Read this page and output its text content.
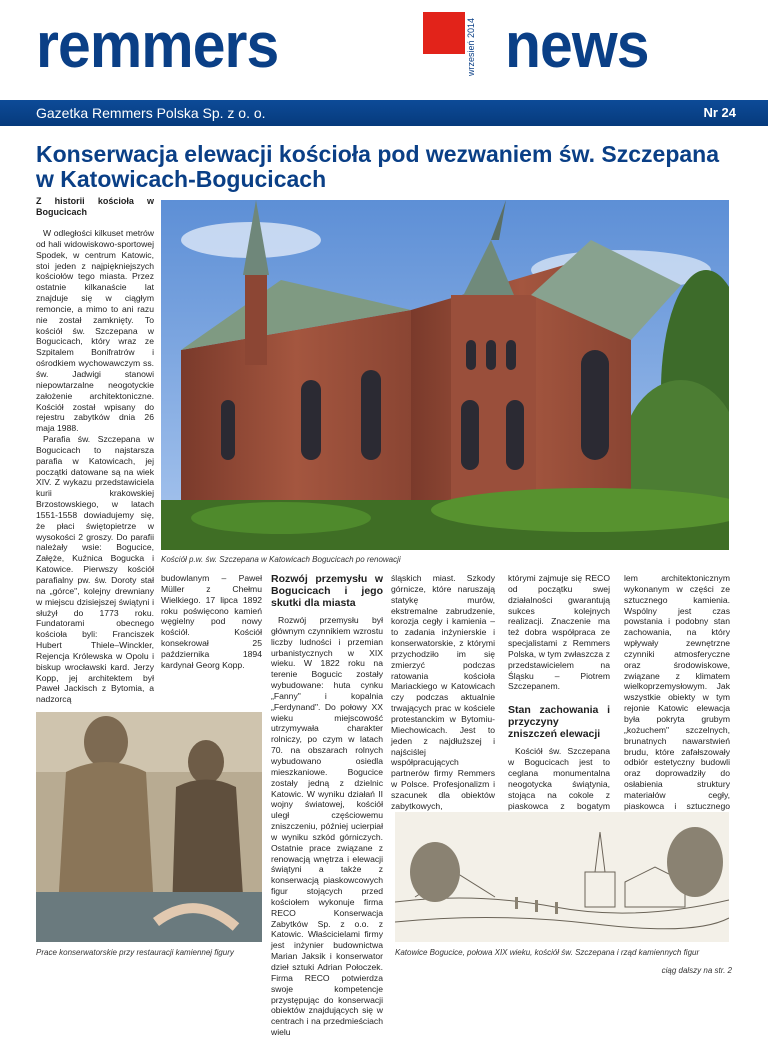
remmers	wrzesień 2014 news
Gazetka Remmers Polska Sp. z o. o.	Nr 24
Konserwacja elewacji kościoła pod wezwaniem św. Szczepana w Katowicach-Bogucicach
Z historii kościoła w Bogucicach

W odległości kilkuset metrów od hali widowiskowo-sportowej Spodek, w centrum Katowic, stoi jeden z najpiękniejszych kościołów tego miasta. Przez ostatnie kilkanaście lat znajduje się w ciągłym remoncie, a mimo to ani razu nie został zamknięty. To kościół św. Szczepana w Bogucicach, który wraz ze Szpitalem Bonifratrów i ośrodkiem wychowawczym ss. św. Jadwigi stanowi niepowtarzalne neogotyckie założenie architektoniczne. Kościół został wpisany do rejestru zabytków dnia 26 maja 1988.

Parafia św. Szczepana w Bogucicach to najstarsza parafia w Katowicach, jej początki datowane są na wiek XIV. Z wykazu przedstawiciela kurii krakowskiej Brzostowskiego, w latach 1551-1558 dowiadujemy się, że płaci świętopietrze w wysokości 2 groszy. Do parafii należały wsie: Bogucice, Załęże, Kuźnica Bogucka i Katowice. Pierwszy kościół parafialny pw. św. Doroty stał na „górce", kolejny drewniany w miejscu dzisiejszej świątyni i służył do 1773 roku. Fundatorami obecnego kościoła byli: Franciszek Hubert Thiele–Winckler, Rejencja Królewska w Opolu i biskup wrocławski kard. Jerzy Kopp, jej architektem był Paweł Jackisch z Bytomia, a nadzorcą

Kościół p.w. św. Szczepana w Katowicach Bogucicach po renowacji

budowlanym – Paweł Müller z Chełmu Wielkiego. 17 lipca 1892 roku poświęcono kamień węgielny pod nowy kościół. Kościół konsekrował 25 października 1894 kardynał Georg Kopp.

Prace konserwatorskie przy restauracji kamiennej figury
Rozwój przemysłu w Bogucicach i jego skutki dla miasta

Rozwój przemysłu był głównym czynnikiem wzrostu liczby ludności i przemian urbanistycznych w XIX wieku. W 1822 roku na terenie Bogucic zostały wybudowane: huta cynku „Fanny" i kopalnia „Ferdynand". Do połowy XX wieku miejscowość utrzymywała charakter rolniczy, po czym w latach 70. na obszarach rolnych wybudowano osiedla mieszkaniowe. Bogucice zostały jedną z dzielnic Katowic. W wyniku działań II wojny światowej, kościół uległ częściowemu zniszczeniu, później ucierpiał w wyniku szkód górniczych. Ostatnie prace związane z renowacją wnętrza i elewacji świątyni a także z konserwacją piaskowcowych figur stojących przed kościołem wykonuje firma RECO Konserwacja Zabytków Sp. z o.o. z Katowic. Właścicielami firmy jest inżynier budownictwa Marian Jaksik i konserwator dzieł sztuki Adrian Połoczek. Firma RECO potwierdza swoje kompetencje przystępując do konserwacji obiektów znajdujących się w centrach i na przedmieściach wielu

śląskich miast. Szkody górnicze, które naruszają statykę murów, ekstremalne zabrudzenie, korozja cegły i kamienia – to zadania inżynierskie i konserwatorskie, z którymi przychodziło im się zmierzyć podczas ratowania kościoła Mariackiego w Katowicach czy podczas aktualnie trwających prac w kościele protestanckim w Bytomiu-Miechowicach. Jest to jeden z najdłuższej i najściślej współpracujących partnerów firmy Remmers w Polsce. Profesjonalizm i szacunek dla obiektów zabytkowych,

którymi zajmuje się RECO od początku swej działalności gwarantują sukces kolejnych realizacji. Znaczenie ma też dobra współpraca ze specjalistami z Remmers Polska, w tym zwłaszcza z przedstawicielem na Śląsku – Piotrem Szczepanem.

Stan zachowania i przyczyny zniszczeń elewacji

Kościół św. Szczepana w Bogucicach jest to ceglana monumentalna neogotycka świątynia, stojąca na cokole z piaskowca z bogatym

lem architektonicznym wykonanym w części ze sztucznego kamienia. Wspólny jest czas powstania i podobny stan zachowania, na który wpływały zewnętrzne czynniki atmosferyczne oraz środowiskowe, związane z klimatem wielkoprzemysłowym. Jak wszystkie obiekty w tym rejonie Katowic elewacja była pokryta grubym „kożuchem" szczelnych, brunatnych nawarstwień brudu, które zafałszowały odbiór estetyczny budowli oraz doprowadziły do osłabienia struktury materiałów cegły, piaskowca i sztucznego

Katowice Bogucice, połowa XIX wieku, kościół św. Szczepana i rząd kamiennych figur
ciąg dalszy na str. 2
